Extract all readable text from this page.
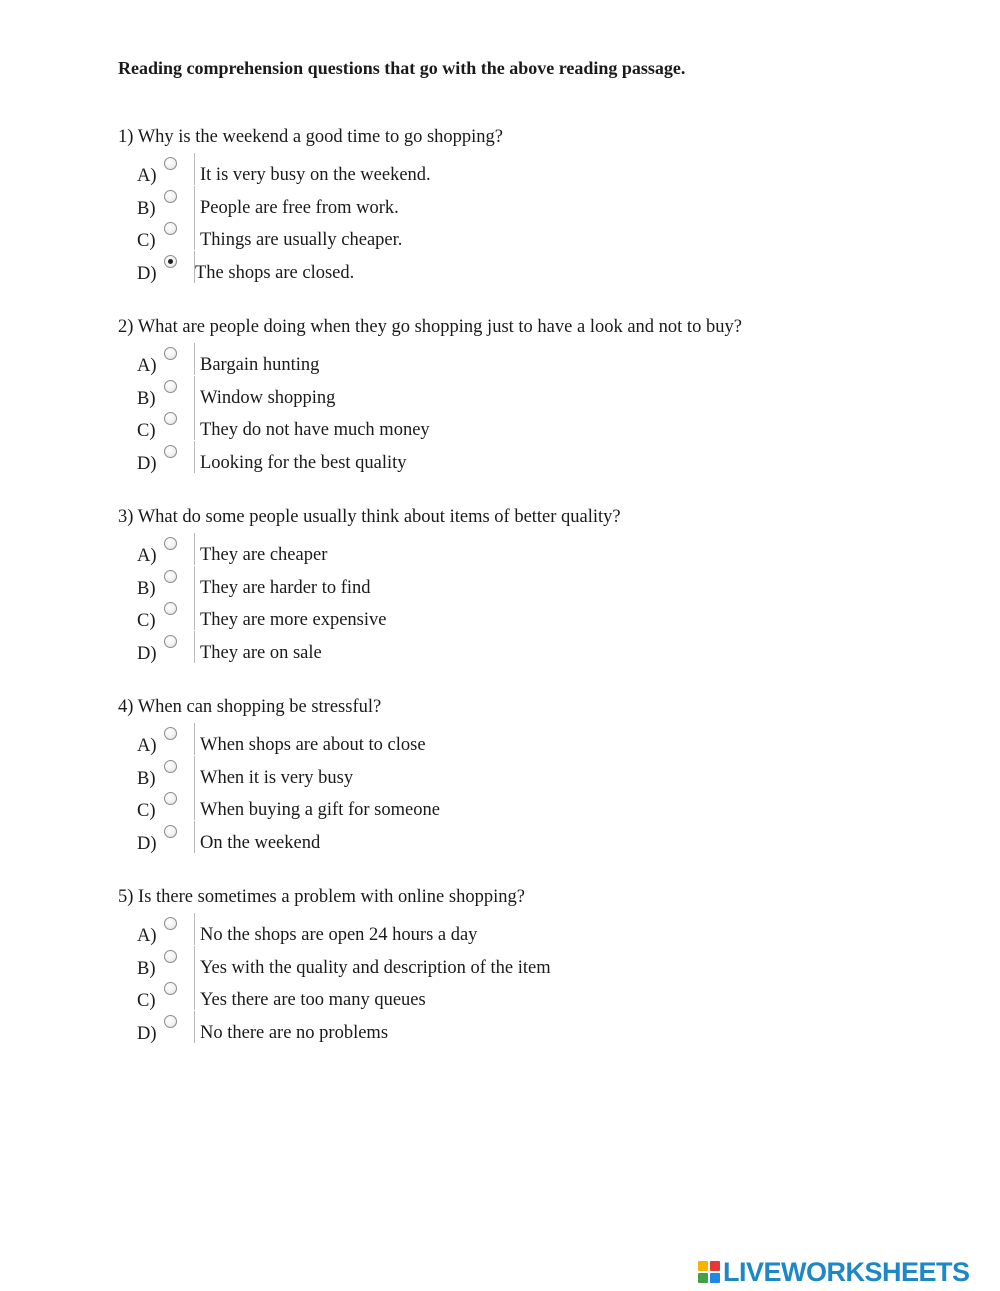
Reading comprehension questions that go with the above reading passage.
1) Why is the weekend a good time to go shopping?
A) It is very busy on the weekend.
B) People are free from work.
C) Things are usually cheaper.
D) The shops are closed.
2) What are people doing when they go shopping just to have a look and not to buy?
A) Bargain hunting
B) Window shopping
C) They do not have much money
D) Looking for the best quality
3) What do some people usually think about items of better quality?
A) They are cheaper
B) They are harder to find
C) They are more expensive
D) They are on sale
4) When can shopping be stressful?
A) When shops are about to close
B) When it is very busy
C) When buying a gift for someone
D) On the weekend
5) Is there sometimes a problem with online shopping?
A) No the shops are open 24 hours a day
B) Yes with the quality and description of the item
C) Yes there are too many queues
D) No there are no problems
LIVEWORKSHEETS
